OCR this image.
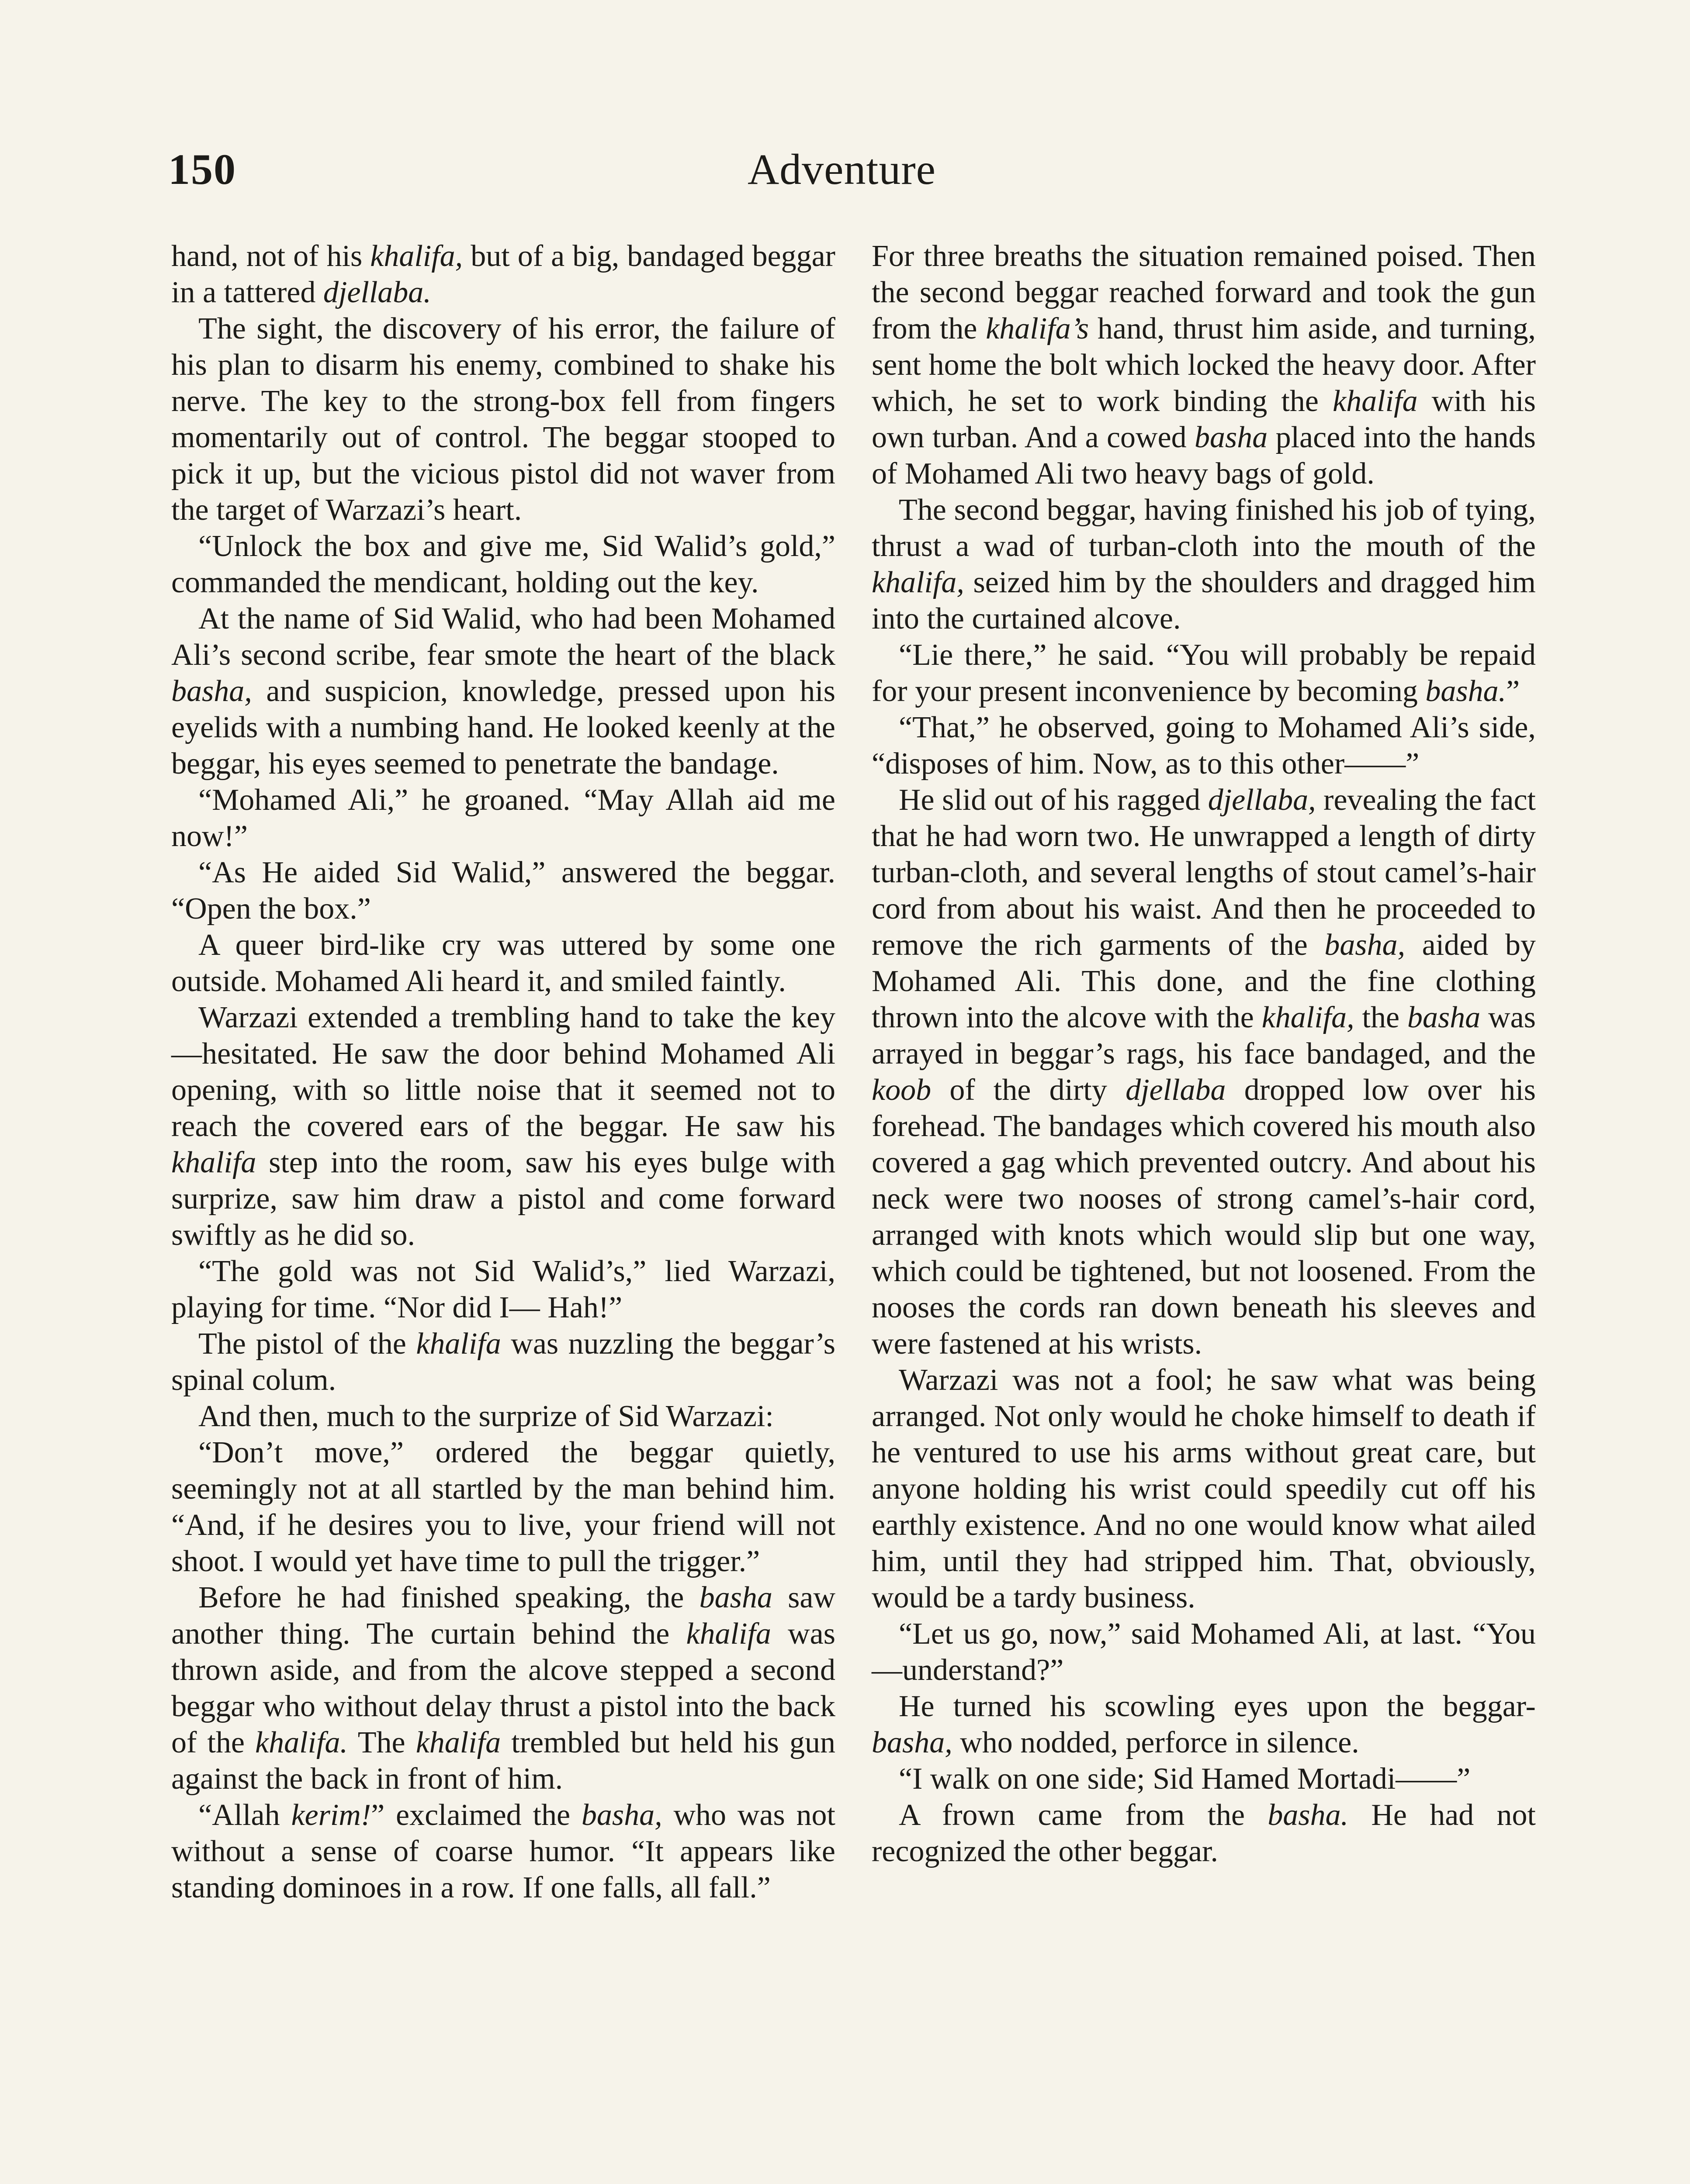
150	Adventure

hand, not of his khalifa, but of a big, bandaged beggar in a tattered djellaba.

The sight, the discovery of his error, the failure of his plan to disarm his enemy, combined to shake his nerve. The key to the strong-box fell from fingers momentarily out of control. The beggar stooped to pick it up, but the vicious pistol did not waver from the target of Warzazi’s heart.

“Unlock the box and give me, Sid Walid’s gold,” commanded the mendicant, holding out the key.

At the name of Sid Walid, who had been Mohamed Ali’s second scribe, fear smote the heart of the black basha, and suspicion, knowledge, pressed upon his eyelids with a numbing hand. He looked keenly at the beggar, his eyes seemed to penetrate the bandage.

“Mohamed Ali,” he groaned. “May Allah aid me now!”

“As He aided Sid Walid,” answered the beggar. “Open the box.”

A queer bird-like cry was uttered by some one outside. Mohamed Ali heard it, and smiled faintly.

Warzazi extended a trembling hand to take the key—hesitated. He saw the door behind Mohamed Ali opening, with so little noise that it seemed not to reach the covered ears of the beggar. He saw his khalifa step into the room, saw his eyes bulge with surprize, saw him draw a pistol and come forward swiftly as he did so.

“The gold was not Sid Walid’s,” lied Warzazi, playing for time. “Nor did I— Hah!”

The pistol of the khalifa was nuzzling the beggar’s spinal colum.

And then, much to the surprize of Sid Warzazi:

“Don’t move,” ordered the beggar quietly, seemingly not at all startled by the man behind him. “And, if he desires you to live, your friend will not shoot. I would yet have time to pull the trigger.”

Before he had finished speaking, the basha saw another thing. The curtain behind the khalifa was thrown aside, and from the alcove stepped a second beggar who without delay thrust a pistol into the back of the khalifa. The khalifa trembled but held his gun against the back in front of him.

“Allah kerim!” exclaimed the basha, who was not without a sense of coarse humor. “It appears like standing dominoes in a row. If one falls, all fall.”

For three breaths the situation remained poised. Then the second beggar reached forward and took the gun from the khalifa’s hand, thrust him aside, and turning, sent home the bolt which locked the heavy door. After which, he set to work binding the khalifa with his own turban. And a cowed basha placed into the hands of Mohamed Ali two heavy bags of gold.

The second beggar, having finished his job of tying, thrust a wad of turban-cloth into the mouth of the khalifa, seized him by the shoulders and dragged him into the curtained alcove.

“Lie there,” he said. “You will probably be repaid for your present inconvenience by becoming basha.”

“That,” he observed, going to Mohamed Ali’s side, “disposes of him. Now, as to this other——”

He slid out of his ragged djellaba, revealing the fact that he had worn two. He unwrapped a length of dirty turban-cloth, and several lengths of stout camel’s-hair cord from about his waist. And then he proceeded to remove the rich garments of the basha, aided by Mohamed Ali. This done, and the fine clothing thrown into the alcove with the khalifa, the basha was arrayed in beggar’s rags, his face bandaged, and the koob of the dirty djellaba dropped low over his forehead. The bandages which covered his mouth also covered a gag which prevented outcry. And about his neck were two nooses of strong camel’s-hair cord, arranged with knots which would slip but one way, which could be tightened, but not loosened. From the nooses the cords ran down beneath his sleeves and were fastened at his wrists.

Warzazi was not a fool; he saw what was being arranged. Not only would he choke himself to death if he ventured to use his arms without great care, but anyone holding his wrist could speedily cut off his earthly existence. And no one would know what ailed him, until they had stripped him. That, obviously, would be a tardy business.

“Let us go, now,” said Mohamed Ali, at last. “You—understand?”

He turned his scowling eyes upon the beggar-basha, who nodded, perforce in silence.

“I walk on one side; Sid Hamed Mortadi——”

A frown came from the basha. He had not recognized the other beggar.
